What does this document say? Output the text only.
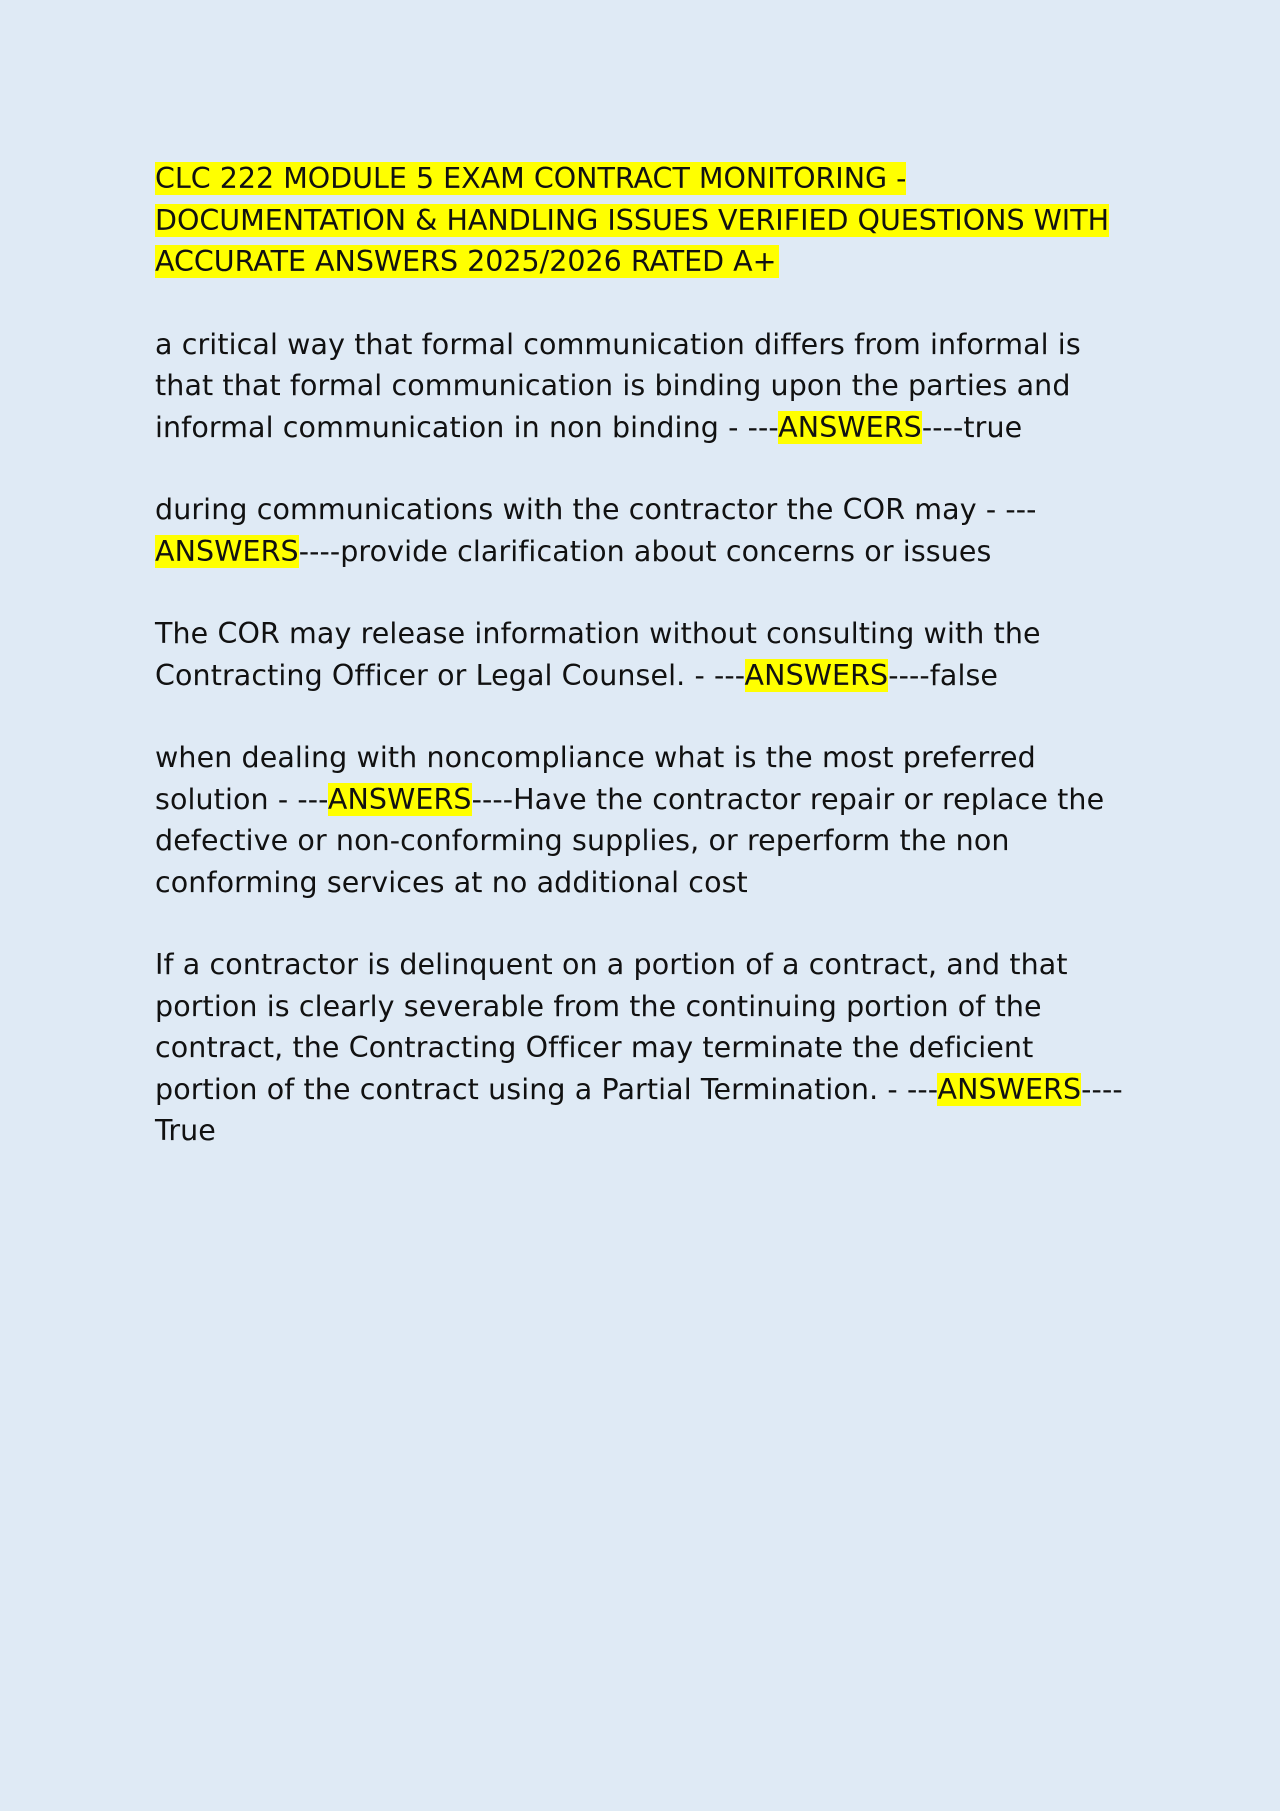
CLC 222 MODULE 5 EXAM CONTRACT MONITORING - DOCUMENTATION & HANDLING ISSUES VERIFIED QUESTIONS WITH ACCURATE ANSWERS 2025/2026 RATED A+
a critical way that formal communication differs from informal is that that formal communication is binding upon the parties and informal communication in non binding - ---ANSWERS----true
during communications with the contractor the COR may - ---ANSWERS----provide clarification about concerns or issues
The COR may release information without consulting with the Contracting Officer or Legal Counsel. - ---ANSWERS----false
when dealing with noncompliance what is the most preferred solution - ---ANSWERS----Have the contractor repair or replace the defective or non-conforming supplies, or reperform the non conforming services at no additional cost
If a contractor is delinquent on a portion of a contract, and that portion is clearly severable from the continuing portion of the contract, the Contracting Officer may terminate the deficient portion of the contract using a Partial Termination. - ---ANSWERS----True
